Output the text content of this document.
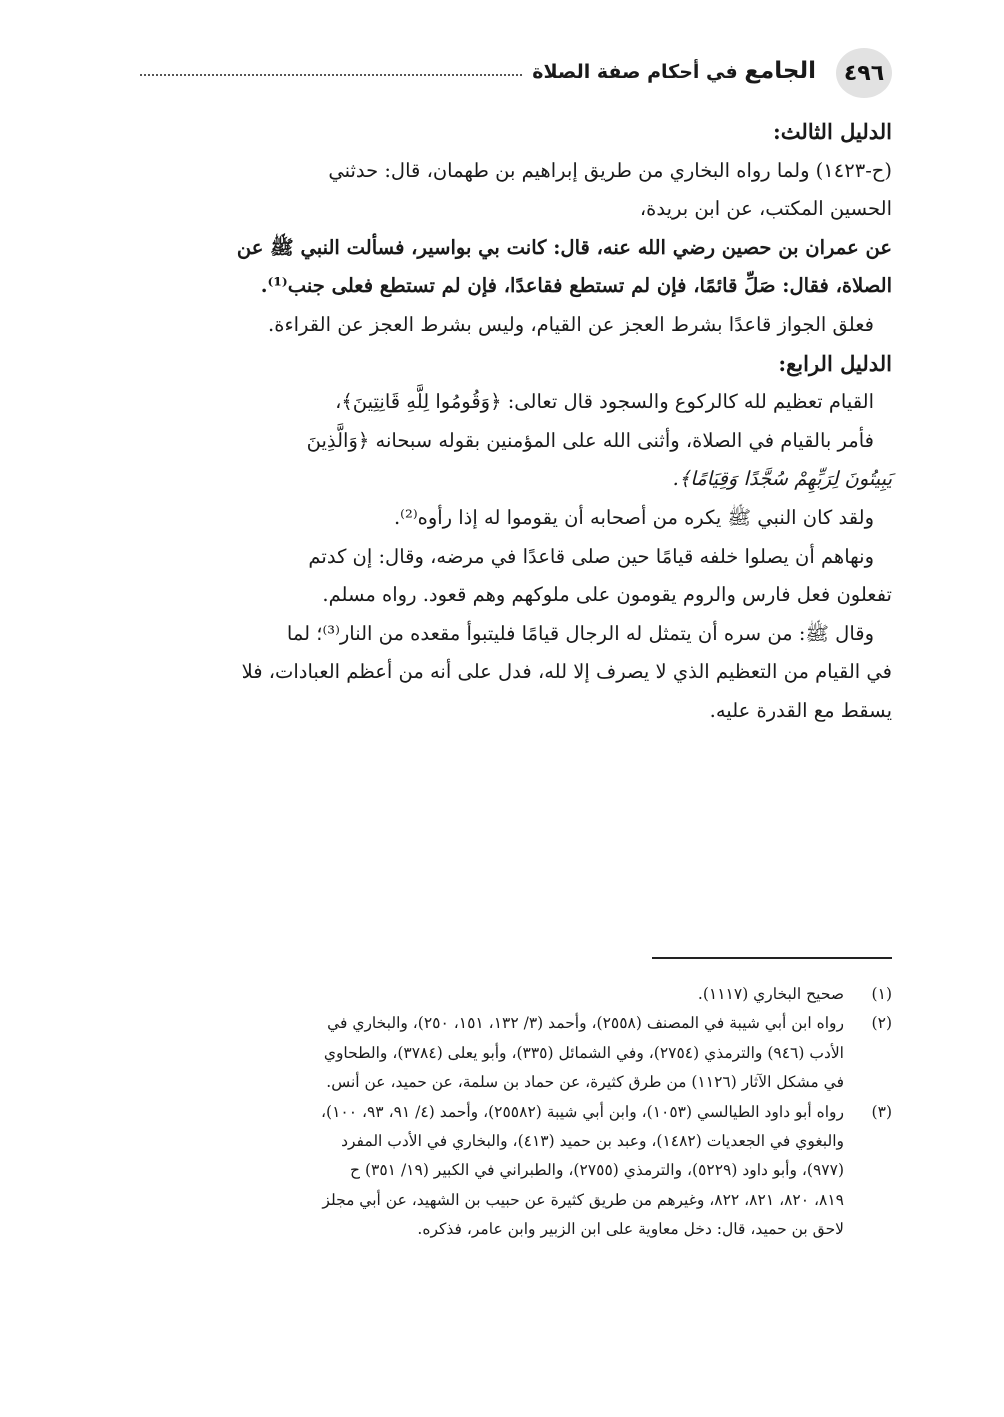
٤٩٦
الجامع في أحكام صفة الصلاة

الدليل الثالث:

(ح-١٤٢٣) ولما رواه البخاري من طريق إبراهيم بن طهمان، قال: حدثني

الحسين المكتب، عن ابن بريدة،

عن عمران بن حصين رضي الله عنه، قال: كانت بي بواسير، فسألت النبي ﷺ عن

الصلاة، فقال: صَلِّ قائمًا، فإن لم تستطع فقاعدًا، فإن لم تستطع فعلى جنب⁽¹⁾.

فعلق الجواز قاعدًا بشرط العجز عن القيام، وليس بشرط العجز عن القراءة.

الدليل الرابع:

القيام تعظيم لله كالركوع والسجود قال تعالى: ﴿وَقُومُوا لِلَّهِ قَانِتِينَ﴾،

فأمر بالقيام في الصلاة، وأثنى الله على المؤمنين بقوله سبحانه ﴿وَالَّذِينَ

يَبِيتُونَ لِرَبِّهِمْ سُجَّدًا وَقِيَامًا﴾.

ولقد كان النبي ﷺ يكره من أصحابه أن يقوموا له إذا رأوه⁽²⁾.

ونهاهم أن يصلوا خلفه قيامًا حين صلى قاعدًا في مرضه، وقال: إن كدتم

تفعلون فعل فارس والروم يقومون على ملوكهم وهم قعود. رواه مسلم.

وقال ﷺ: من سره أن يتمثل له الرجال قيامًا فليتبوأ مقعده من النار⁽³⁾؛ لما

في القيام من التعظيم الذي لا يصرف إلا لله، فدل على أنه من أعظم العبادات، فلا

يسقط مع القدرة عليه.

(١)
صحيح البخاري (١١١٧).
(٢)
رواه ابن أبي شيبة في المصنف (٢٥٥٨)، وأحمد (٣/ ١٣٢، ١٥١، ٢٥٠)، والبخاري في
الأدب (٩٤٦) والترمذي (٢٧٥٤)، وفي الشمائل (٣٣٥)، وأبو يعلى (٣٧٨٤)، والطحاوي
في مشكل الآثار (١١٢٦) من طرق كثيرة، عن حماد بن سلمة، عن حميد، عن أنس.
(٣)
رواه أبو داود الطيالسي (١٠٥٣)، وابن أبي شيبة (٢٥٥٨٢)، وأحمد (٤/ ٩١، ٩٣، ١٠٠)،
والبغوي في الجعديات (١٤٨٢)، وعبد بن حميد (٤١٣)، والبخاري في الأدب المفرد
(٩٧٧)، وأبو داود (٥٢٢٩)، والترمذي (٢٧٥٥)، والطبراني في الكبير (١٩/ ٣٥١) ح
٨١٩، ٨٢٠، ٨٢١، ٨٢٢، وغيرهم من طريق كثيرة عن حبيب بن الشهيد، عن أبي مجلز
لاحق بن حميد، قال: دخل معاوية على ابن الزبير وابن عامر، فذكره.
